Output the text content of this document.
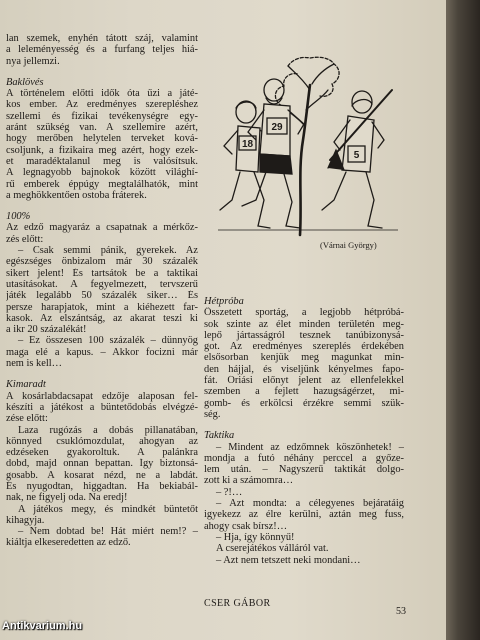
lan szemek, enyhén tátott száj, valamint
a leleményesség és a furfang teljes hiá-
nya jellemzi.
Baklövés
A történelem előtti idők óta űzi a játé-
kos ember. Az eredményes szerepléshez
szellemi és fizikai tevékenységre egy-
aránt szükség van. A szellemire azért,
hogy merőben helytelen terveket ková-
csoljunk, a fizikaira meg azért, hogy ezek-
et maradéktalanul meg is valósítsuk.
A legnagyobb bajnokok között világhí-
rű emberek éppúgy megtalálhatók, mint
a meghökkentően ostoba fráterek.
100%
Az edző magyaráz a csapatnak a mérkőz-
zés előtt:
– Csak semmi pánik, gyerekek. Az
egészséges önbizalom már 30 százalék
sikert jelent! És tartsátok be a taktikai
utasításokat. A fegyelmezett, tervszerű
játék legalább 50 százalék siker… És
persze harapjatok, mint a kiéhezett far-
kasok. Az elszántság, az akarat teszi ki
a ikr 20 százalékát!
– Ez összesen 100 százalék – dünnyög
maga elé a kapus. – Akkor focizni már
nem is kell…
Kimaradt
A kosárlabdacsapat edzője alaposan fel-
készíti a játékost a büntetődobás elvégzé-
zése előtt:
Laza rugózás a dobás pillanatában,
könnyed csuklómozdulat, ahogyan az
edzéseken gyakoroltuk. A palánkra
dobd, majd onnan bepattan. Így biztonsá-
gosabb. A kosarat nézd, ne a labdát.
És nyugodtan, higgadtan. Ha bekiabál-
nak, ne figyelj oda. Na eredj!
A játékos megy, és mindkét büntetőt
kihagyja.
– Nem dobtad be! Hát miért nem!? –
kiáltja elkeseredetten az edző.
18
29
5
(Várnai György)
Hétpróba
Összetett sportág, a legjobb hétpróbá-
sok szinte az élet minden területén meg-
lepő jártasságról tesznek tanúbizonysá-
got. Az eredményes szereplés érdekében
elsősorban kenjük meg magunkat min-
den hájjal, és viseljünk kényelmes fapo-
fát. Óriási előnyt jelent az ellenfelekkel
szemben a fejlett hazugságérzet, mi-
gomb- és erkölcsi érzékre semmi szük-
ség.
Taktika
– Mindent az edzőmnek köszönhetek! –
mondja a futó néhány perccel a győze-
lem után. – Nagyszerű taktikát dolgo-
zott ki a számomra…
– ?!…
– Azt mondta: a célegyenes bejáratáig
igyekezz az élre kerülni, aztán meg fuss,
ahogy csak bírsz!…
– Hja, így könnyű!
A cserejátékos válláról vat.
– Azt nem tetszett neki mondani…
CSER GÁBOR
53
Antikvarium.hu
